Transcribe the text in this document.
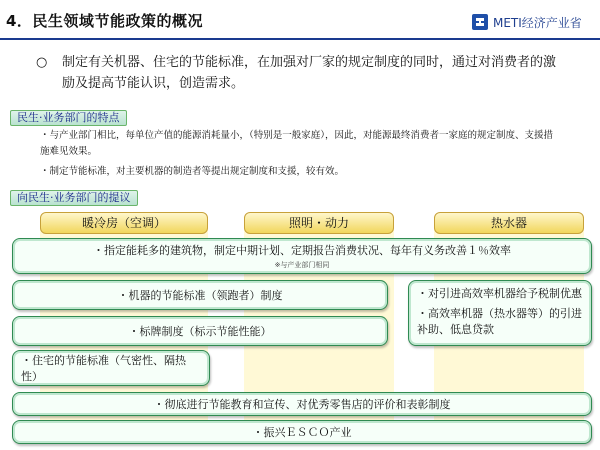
4．民生领域节能政策的概况	METI经济产业省
○	制定有关机器、住宅的节能标准，在加强对厂家的规定制度的同时，通过对消费者的激励及提高节能认识，创造需求。
民生·业务部门的特点
・与产业部门相比，每单位产值的能源消耗量小，（特别是一般家庭），因此，对能源最终消费者一家庭的规定制度、支援措施难见效果。
・制定节能标准，对主要机器的制造者等提出规定制度和支援，较有效。
向民生·业务部门的提议
暖冷房（空调）	照明・动力	热水器
・指定能耗多的建筑物，制定中期计划、定期报告消费状况、每年有义务改善１％效率
※与产业部门相同
・机器的节能标准（领跑者）制度
・标牌制度（标示节能性能）
・对引进高效率机器给予税制优惠
・高效率机器（热水器等）的引进补助、低息贷款
・住宅的节能标准（气密性、隔热性）
・彻底进行节能教育和宣传、对优秀零售店的评价和表彰制度
・振兴ＥＳＣＯ产业
